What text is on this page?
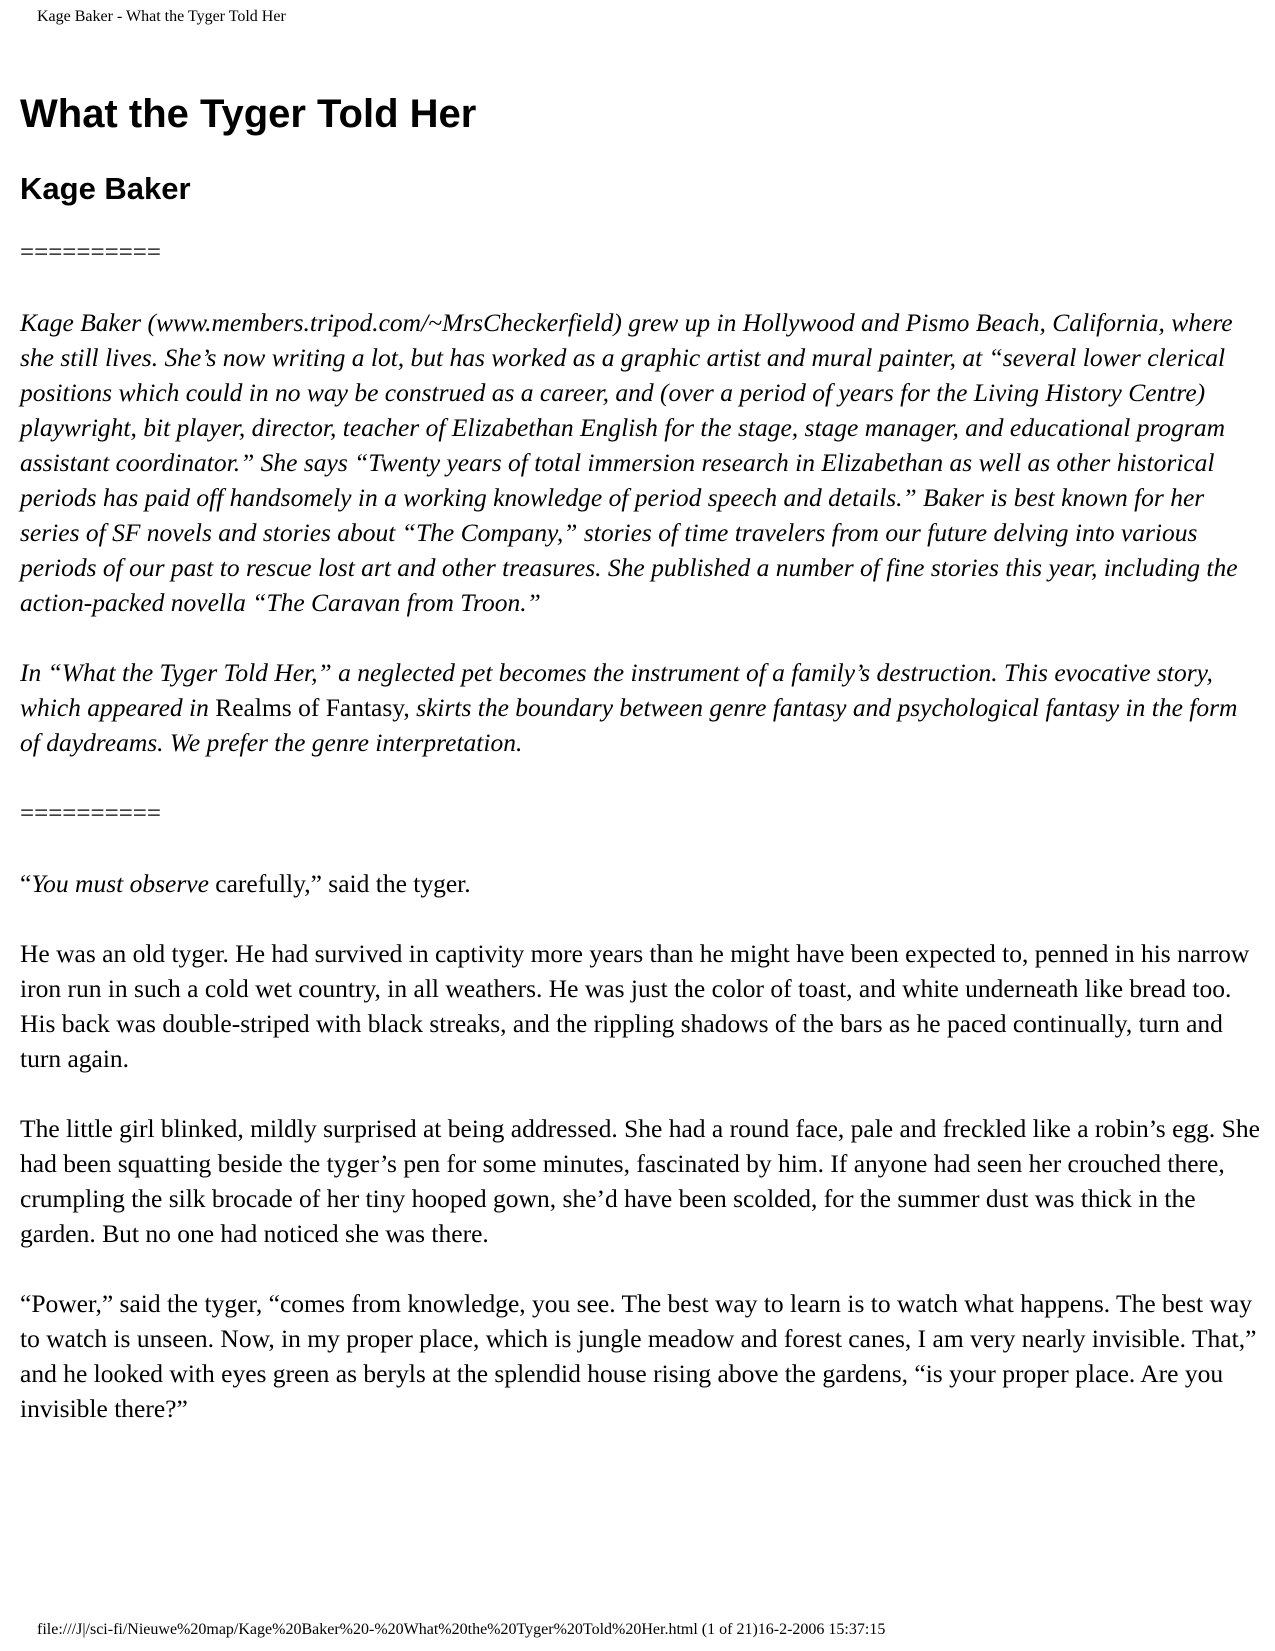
Kage Baker - What the Tyger Told Her
What the Tyger Told Her
Kage Baker
==========

Kage Baker (www.members.tripod.com/~MrsCheckerfield) grew up in Hollywood and Pismo Beach, California, where she still lives. She’s now writing a lot, but has worked as a graphic artist and mural painter, at “several lower clerical positions which could in no way be construed as a career, and (over a period of years for the Living History Centre) playwright, bit player, director, teacher of Elizabethan English for the stage, stage manager, and educational program assistant coordinator.” She says “Twenty years of total immersion research in Elizabethan as well as other historical periods has paid off handsomely in a working knowledge of period speech and details.” Baker is best known for her series of SF novels and stories about “The Company,” stories of time travelers from our future delving into various periods of our past to rescue lost art and other treasures. She published a number of fine stories this year, including the action-packed novella “The Caravan from Troon.”

In “What the Tyger Told Her,” a neglected pet becomes the instrument of a family’s destruction. This evocative story, which appeared in Realms of Fantasy, skirts the boundary between genre fantasy and psychological fantasy in the form of daydreams. We prefer the genre interpretation.

==========

“You must observe carefully,” said the tyger.

He was an old tyger. He had survived in captivity more years than he might have been expected to, penned in his narrow iron run in such a cold wet country, in all weathers. He was just the color of toast, and white underneath like bread too. His back was double-striped with black streaks, and the rippling shadows of the bars as he paced continually, turn and turn again.

The little girl blinked, mildly surprised at being addressed. She had a round face, pale and freckled like a robin’s egg. She had been squatting beside the tyger’s pen for some minutes, fascinated by him. If anyone had seen her crouched there, crumpling the silk brocade of her tiny hooped gown, she’d have been scolded, for the summer dust was thick in the garden. But no one had noticed she was there.

“Power,” said the tyger, “comes from knowledge, you see. The best way to learn is to watch what happens. The best way to watch is unseen. Now, in my proper place, which is jungle meadow and forest canes, I am very nearly invisible. That,” and he looked with eyes green as beryls at the splendid house rising above the gardens, “is your proper place. Are you invisible there?”

file:///J|/sci-fi/Nieuwe%20map/Kage%20Baker%20-%20What%20the%20Tyger%20Told%20Her.html (1 of 21)16-2-2006 15:37:15
